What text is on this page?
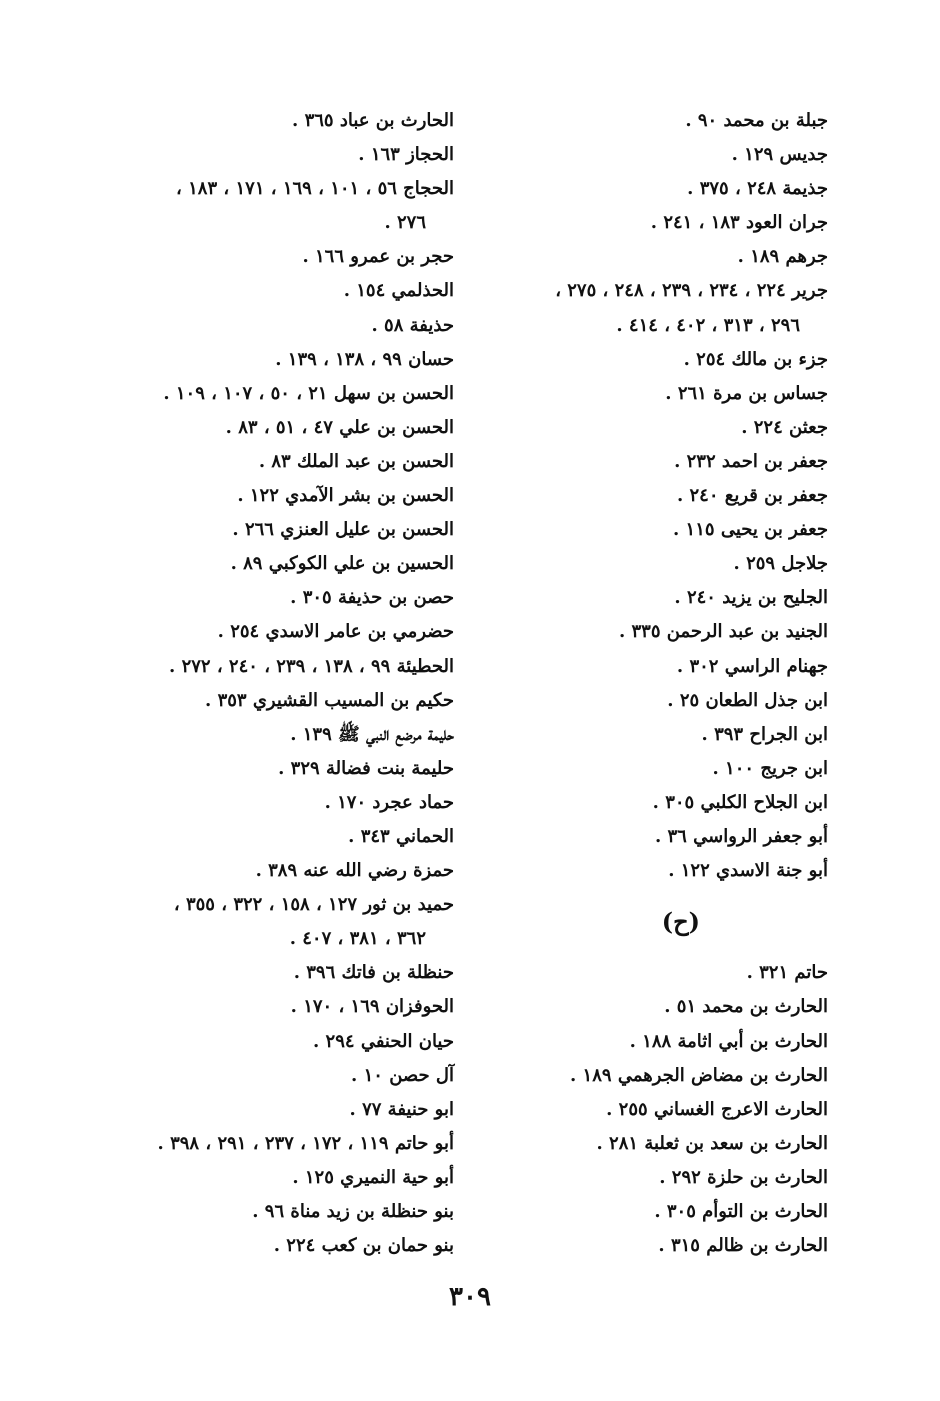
جبلة بن محمد ٩٠ .
جديس ١٢٩ .
جذيمة ٢٤٨ ، ٣٧٥ .
جران العود ١٨٣ ، ٢٤١ .
جرهم ١٨٩ .
جرير ٢٢٤ ، ٢٣٤ ، ٢٣٩ ، ٢٤٨ ، ٢٧٥ ،
٢٩٦ ، ٣١٣ ، ٤٠٢ ، ٤١٤ .
جزء بن مالك ٢٥٤ .
جساس بن مرة ٢٦١ .
جعثن ٢٢٤ .
جعفر بن احمد ٢٣٢ .
جعفر بن قريع ٢٤٠ .
جعفر بن يحيى ١١٥ .
جلاجل ٢٥٩ .
الجليح بن يزيد ٢٤٠ .
الجنيد بن عبد الرحمن ٣٣٥ .
جهنام الراسي ٣٠٢ .
ابن جذل الطعان ٢٥ .
ابن الجراح ٣٩٣ .
ابن جريج ١٠٠ .
ابن الجلاح الكلبي ٣٠٥ .
أبو جعفر الرواسي ٣٦ .
أبو جنة الاسدي ١٢٢ .
(ح)
حاتم ٣٢١ .
الحارث بن محمد ٥١ .
الحارث بن أبي اثامة ١٨٨ .
الحارث بن مضاض الجرهمي ١٨٩ .
الحارث الاعرج الغساني ٢٥٥ .
الحارث بن سعد بن ثعلبة ٢٨١ .
الحارث بن حلزة ٢٩٢ .
الحارث بن التوأم ٣٠٥ .
الحارث بن ظالم ٣١٥ .
الحارث بن عباد ٣٦٥ .
الحجاز ١٦٣ .
الحجاج ٥٦ ، ١٠١ ، ١٦٩ ، ١٧١ ، ١٨٣ ،
٢٧٦ .
حجر بن عمرو ١٦٦ .
الحذلمي ١٥٤ .
حذيفة ٥٨ .
حسان ٩٩ ، ١٣٨ ، ١٣٩ .
الحسن بن سهل ٢١ ، ٥٠ ، ١٠٧ ، ١٠٩ .
الحسن بن علي ٤٧ ، ٥١ ، ٨٣ .
الحسن بن عبد الملك ٨٣ .
الحسن بن بشر الآمدي ١٢٢ .
الحسن بن عليل العنزي ٢٦٦ .
الحسين بن علي الكوكبي ٨٩ .
حصن بن حذيفة ٣٠٥ .
حضرمي بن عامر الاسدي ٢٥٤ .
الحطيئة ٩٩ ، ١٣٨ ، ٢٣٩ ، ٢٤٠ ، ٢٧٢ .
حكيم بن المسيب القشيري ٣٥٣ .
حليمة مرضع النبي ﷺ ١٣٩ .
حليمة بنت فضالة ٣٢٩ .
حماد عجرد ١٧٠ .
الحماني ٣٤٣ .
حمزة رضي الله عنه ٣٨٩ .
حميد بن ثور ١٢٧ ، ١٥٨ ، ٣٢٢ ، ٣٥٥ ،
٣٦٢ ، ٣٨١ ، ٤٠٧ .
حنظلة بن فاتك ٣٩٦ .
الحوفزان ١٦٩ ، ١٧٠ .
حيان الحنفي ٢٩٤ .
آل حصن ١٠ .
ابو حنيفة ٧٧ .
أبو حاتم ١١٩ ، ١٧٢ ، ٢٣٧ ، ٢٩١ ، ٣٩٨ .
أبو حية النميري ١٢٥ .
بنو حنظلة بن زيد مناة ٩٦ .
بنو حمان بن كعب ٢٢٤ .
٣٠٩
